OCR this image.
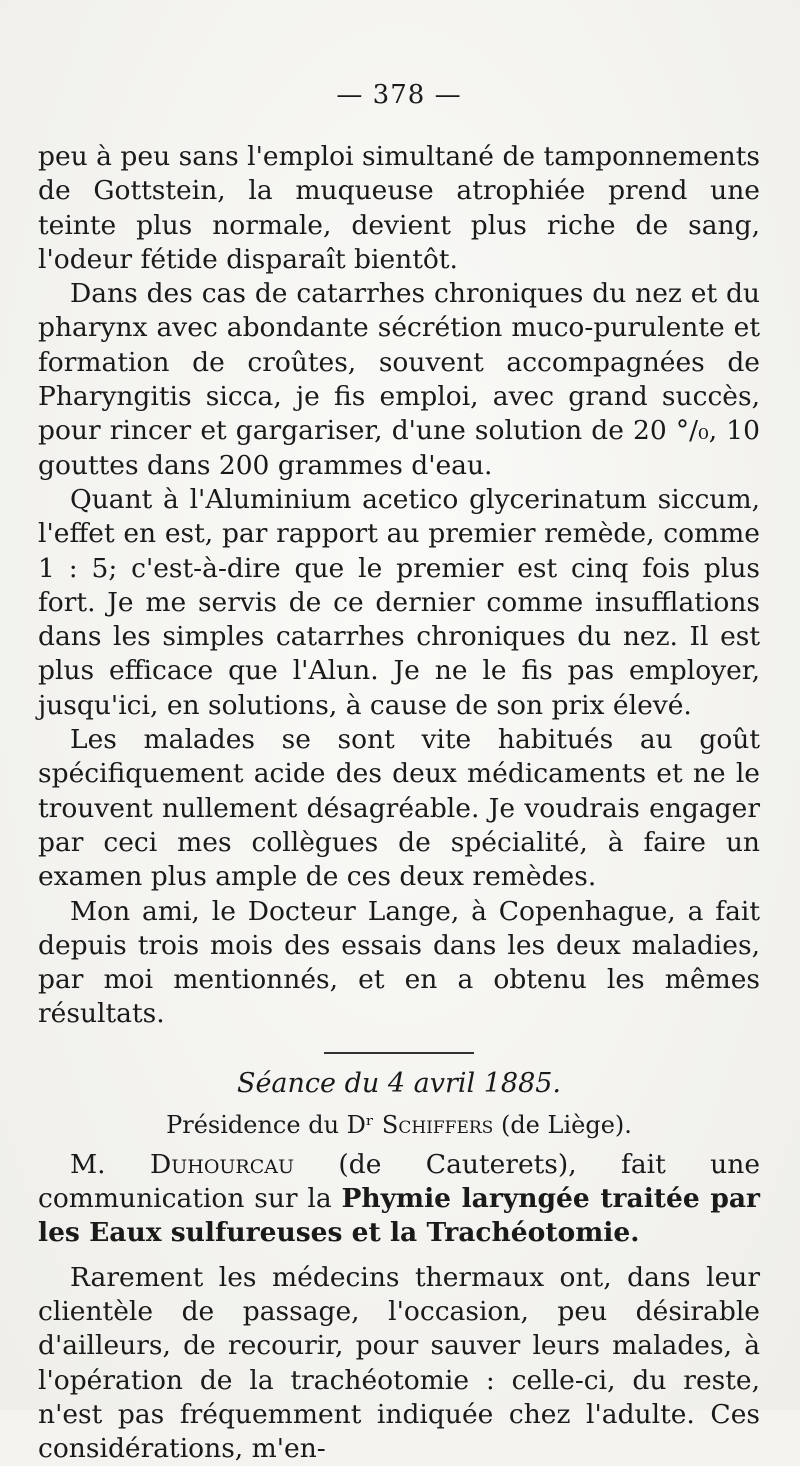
— 378 —

peu à peu sans l'emploi simultané de tamponnements de Gottstein, la muqueuse atrophiée prend une teinte plus normale, devient plus riche de sang, l'odeur fétide disparaît bientôt.

Dans des cas de catarrhes chroniques du nez et du pharynx avec abondante sécrétion muco-purulente et formation de croûtes, souvent accompagnées de Pharyngitis sicca, je fis emploi, avec grand succès, pour rincer et gargariser, d'une solution de 20 °/₀, 10 gouttes dans 200 grammes d'eau.

Quant à l'Aluminium acetico glycerinatum siccum, l'effet en est, par rapport au premier remède, comme 1 : 5; c'est-à-dire que le premier est cinq fois plus fort. Je me servis de ce dernier comme insufflations dans les simples catarrhes chroniques du nez. Il est plus efficace que l'Alun. Je ne le fis pas employer, jusqu'ici, en solutions, à cause de son prix élevé.

Les malades se sont vite habitués au goût spécifiquement acide des deux médicaments et ne le trouvent nullement désagréable. Je voudrais engager par ceci mes collègues de spécialité, à faire un examen plus ample de ces deux remèdes.

Mon ami, le Docteur Lange, à Copenhague, a fait depuis trois mois des essais dans les deux maladies, par moi mentionnés, et en a obtenu les mêmes résultats.

Séance du 4 avril 1885.
Présidence du Dʳ Schiffers (de Liège).

M. Duhourcau (de Cauterets), fait une communication sur la Phymie laryngée traitée par les Eaux sulfureuses et la Trachéotomie.

Rarement les médecins thermaux ont, dans leur clientèle de passage, l'occasion, peu désirable d'ailleurs, de recourir, pour sauver leurs malades, à l'opération de la trachéotomie : celle-ci, du reste, n'est pas fréquemment indiquée chez l'adulte. Ces considérations, m'en-
